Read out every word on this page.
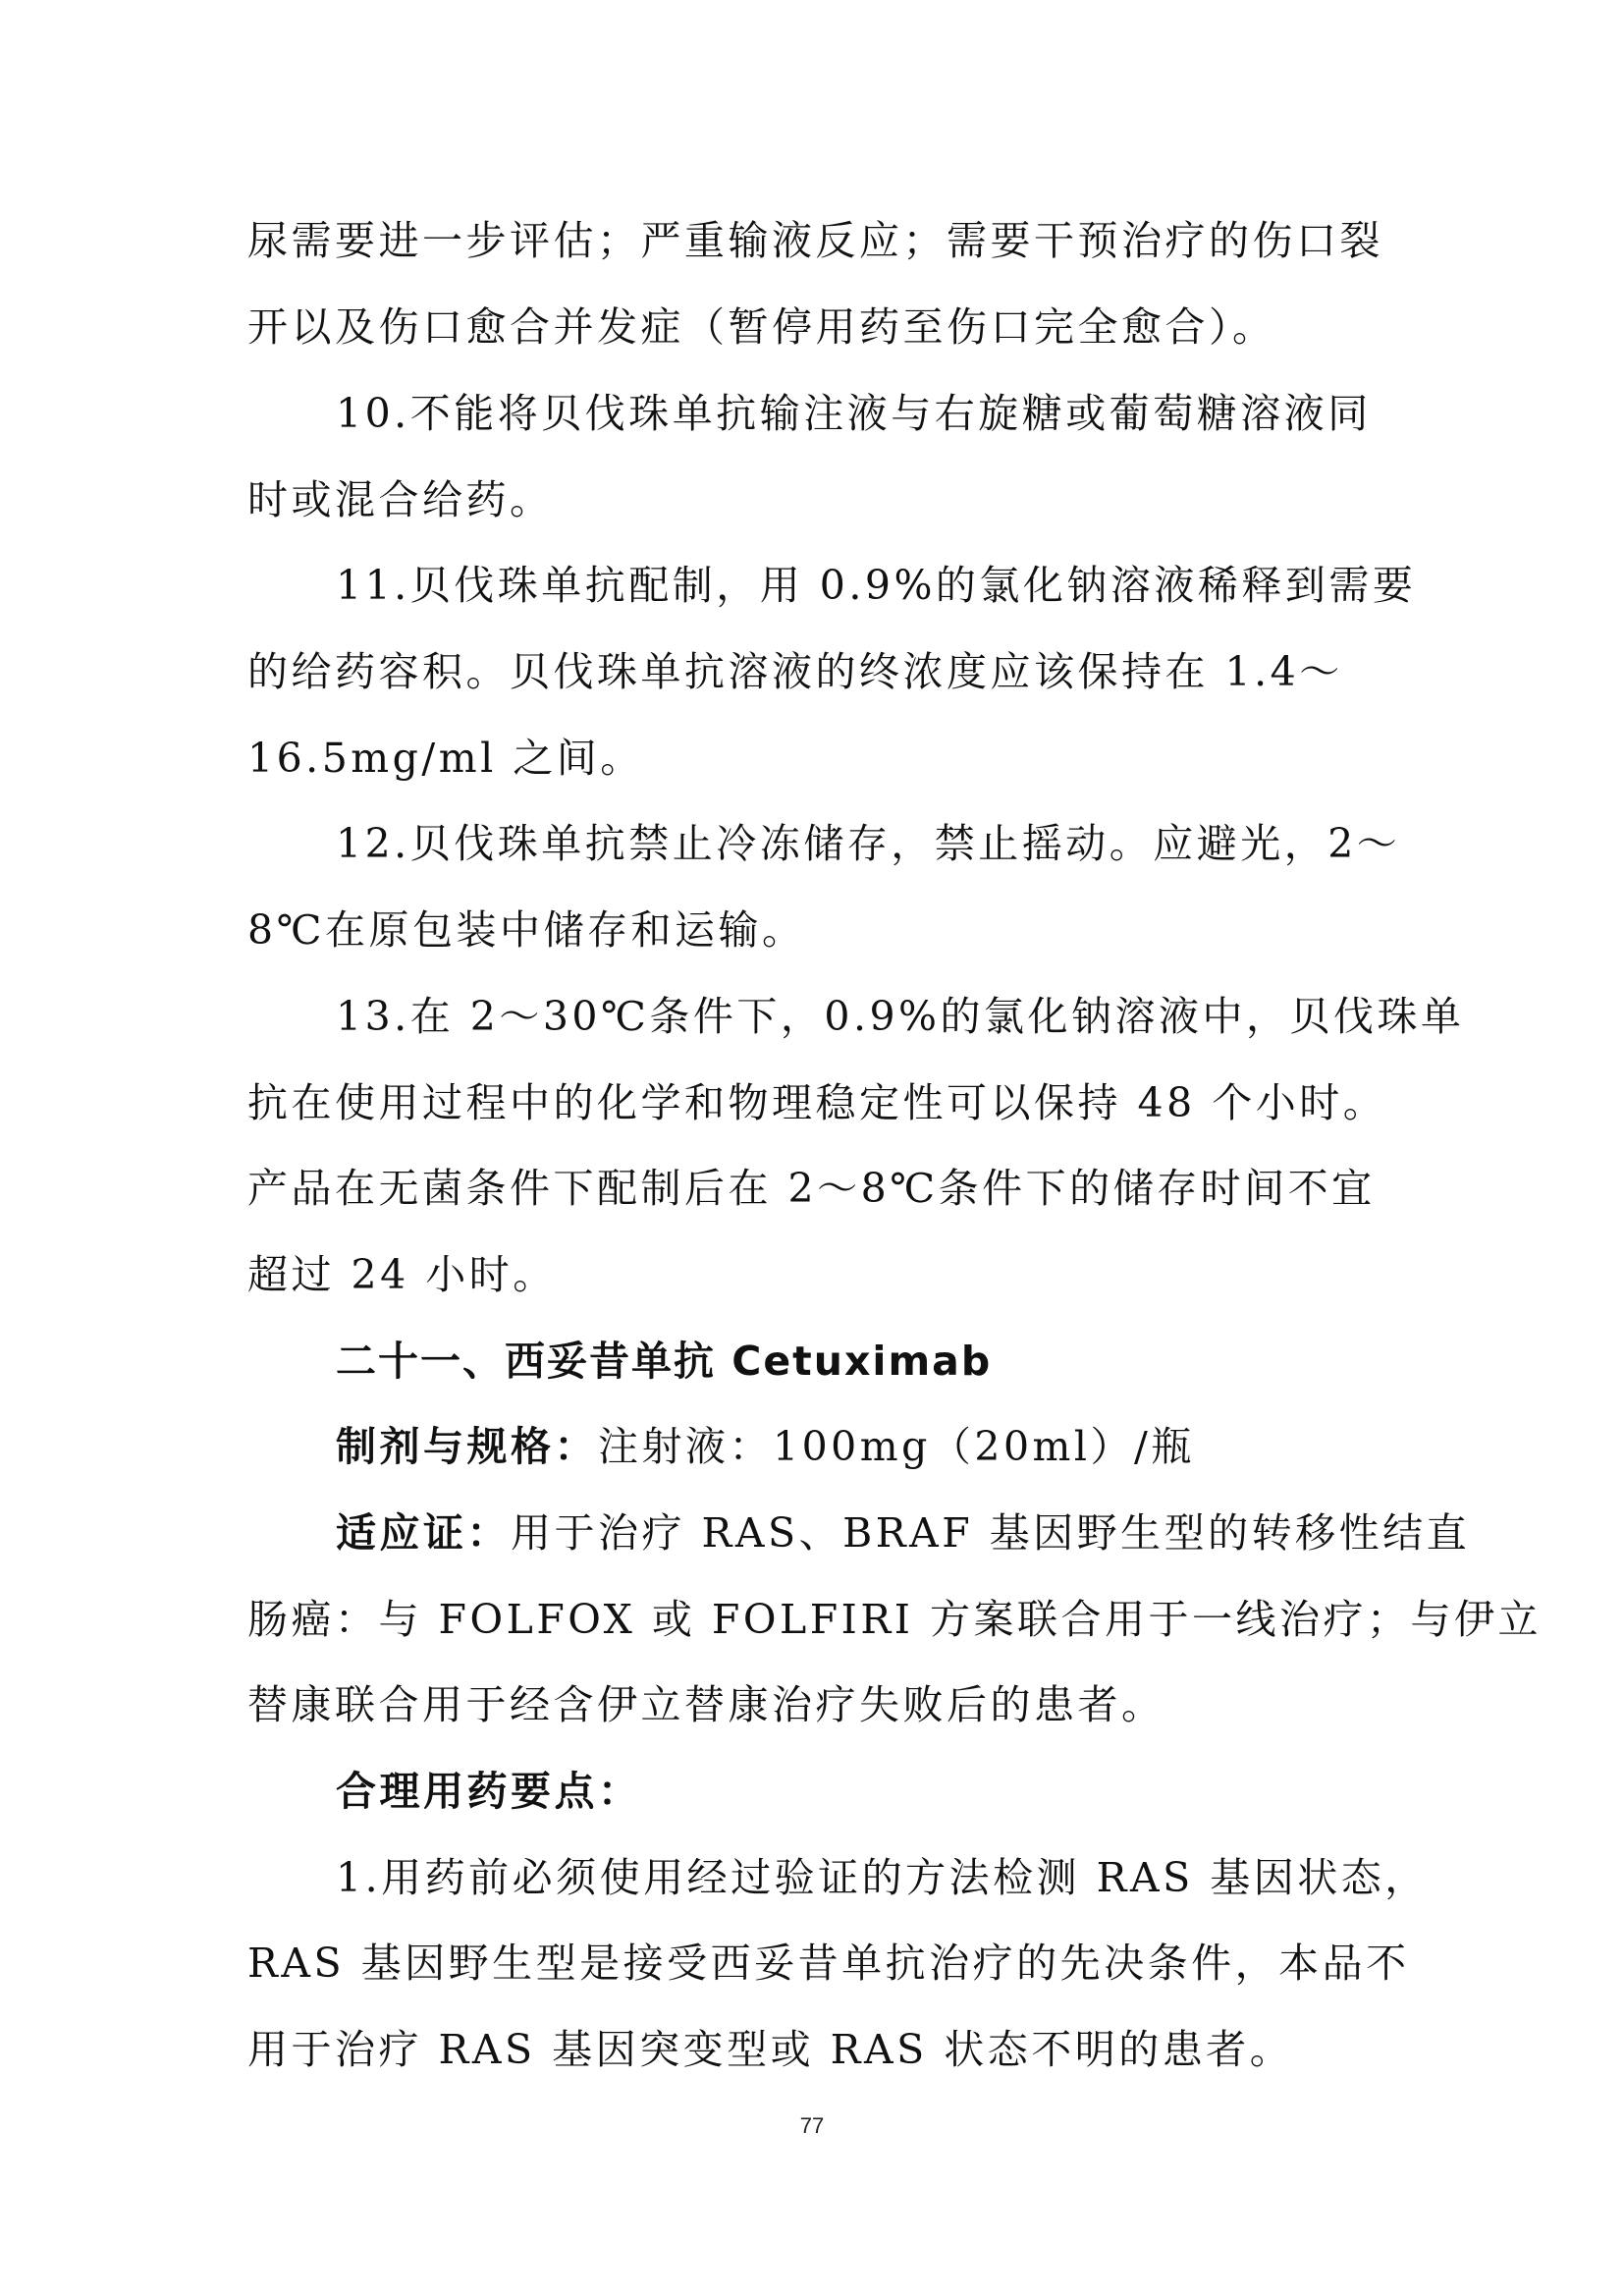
尿需要进一步评估；严重输液反应；需要干预治疗的伤口裂
开以及伤口愈合并发症（暂停用药至伤口完全愈合）。
10.不能将贝伐珠单抗输注液与右旋糖或葡萄糖溶液同
时或混合给药。
11.贝伐珠单抗配制，用 0.9%的氯化钠溶液稀释到需要
的给药容积。贝伐珠单抗溶液的终浓度应该保持在 1.4～
16.5mg/ml 之间。
12.贝伐珠单抗禁止冷冻储存，禁止摇动。应避光，2～
8℃在原包装中储存和运输。
13.在 2～30℃条件下，0.9%的氯化钠溶液中，贝伐珠单
抗在使用过程中的化学和物理稳定性可以保持 48 个小时。
产品在无菌条件下配制后在 2～8℃条件下的储存时间不宜
超过 24 小时。
二十一、西妥昔单抗 Cetuximab
制剂与规格：注射液：100mg（20ml）/瓶
适应证：用于治疗 RAS、BRAF 基因野生型的转移性结直
肠癌：与 FOLFOX 或 FOLFIRI 方案联合用于一线治疗；与伊立
替康联合用于经含伊立替康治疗失败后的患者。
合理用药要点：
1.用药前必须使用经过验证的方法检测 RAS 基因状态，
RAS 基因野生型是接受西妥昔单抗治疗的先决条件，本品不
用于治疗 RAS 基因突变型或 RAS 状态不明的患者。
77
